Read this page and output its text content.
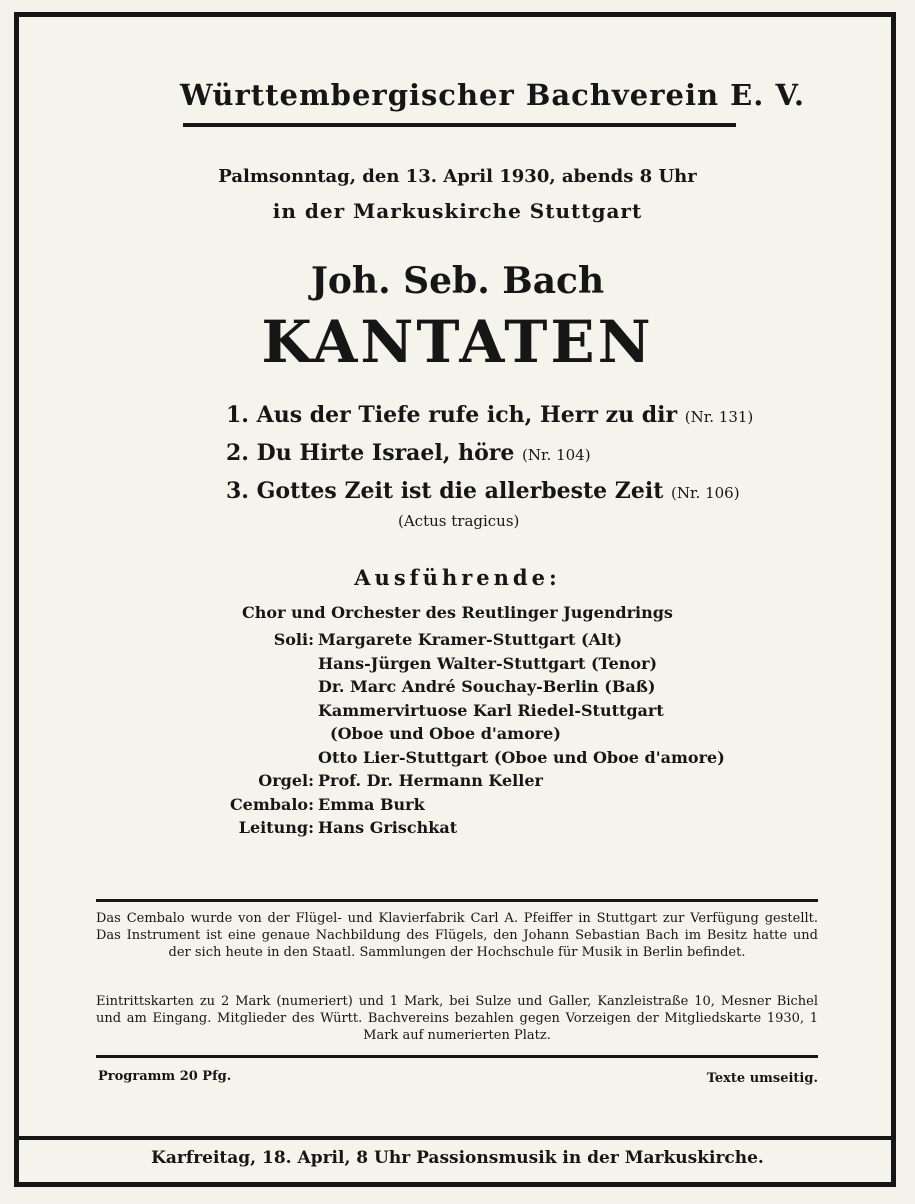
Württembergischer Bachverein E. V.
Palmsonntag, den 13. April 1930, abends 8 Uhr
in der Markuskirche Stuttgart
Joh. Seb. Bach
KANTATEN
1. Aus der Tiefe rufe ich, Herr zu dir (Nr. 131)
2. Du Hirte Israel, höre (Nr. 104)
3. Gottes Zeit ist die allerbeste Zeit (Nr. 106)
(Actus tragicus)
Ausführende:
Chor und Orchester des Reutlinger Jugendrings
Soli: Margarete Kramer-Stuttgart (Alt)
Hans-Jürgen Walter-Stuttgart (Tenor)
Dr. Marc André Souchay-Berlin (Baß)
Kammervirtuose Karl Riedel-Stuttgart
(Oboe und Oboe d'amore)
Otto Lier-Stuttgart (Oboe und Oboe d'amore)
Orgel: Prof. Dr. Hermann Keller
Cembalo: Emma Burk
Leitung: Hans Grischkat
Das Cembalo wurde von der Flügel- und Klavierfabrik Carl A. Pfeiffer in Stuttgart zur Verfügung gestellt. Das Instrument ist eine genaue Nachbildung des Flügels, den Johann Sebastian Bach im Besitz hatte und der sich heute in den Staatl. Sammlungen der Hochschule für Musik in Berlin befindet.
Eintrittskarten zu 2 Mark (numeriert) und 1 Mark, bei Sulze und Galler, Kanzleistraße 10, Mesner Bichel und am Eingang. Mitglieder des Württ. Bachvereins bezahlen gegen Vorzeigen der Mitgliedskarte 1930, 1 Mark auf numerierten Platz.
Programm 20 Pfg.	Texte umseitig.
Karfreitag, 18. April, 8 Uhr Passionsmusik in der Markuskirche.
